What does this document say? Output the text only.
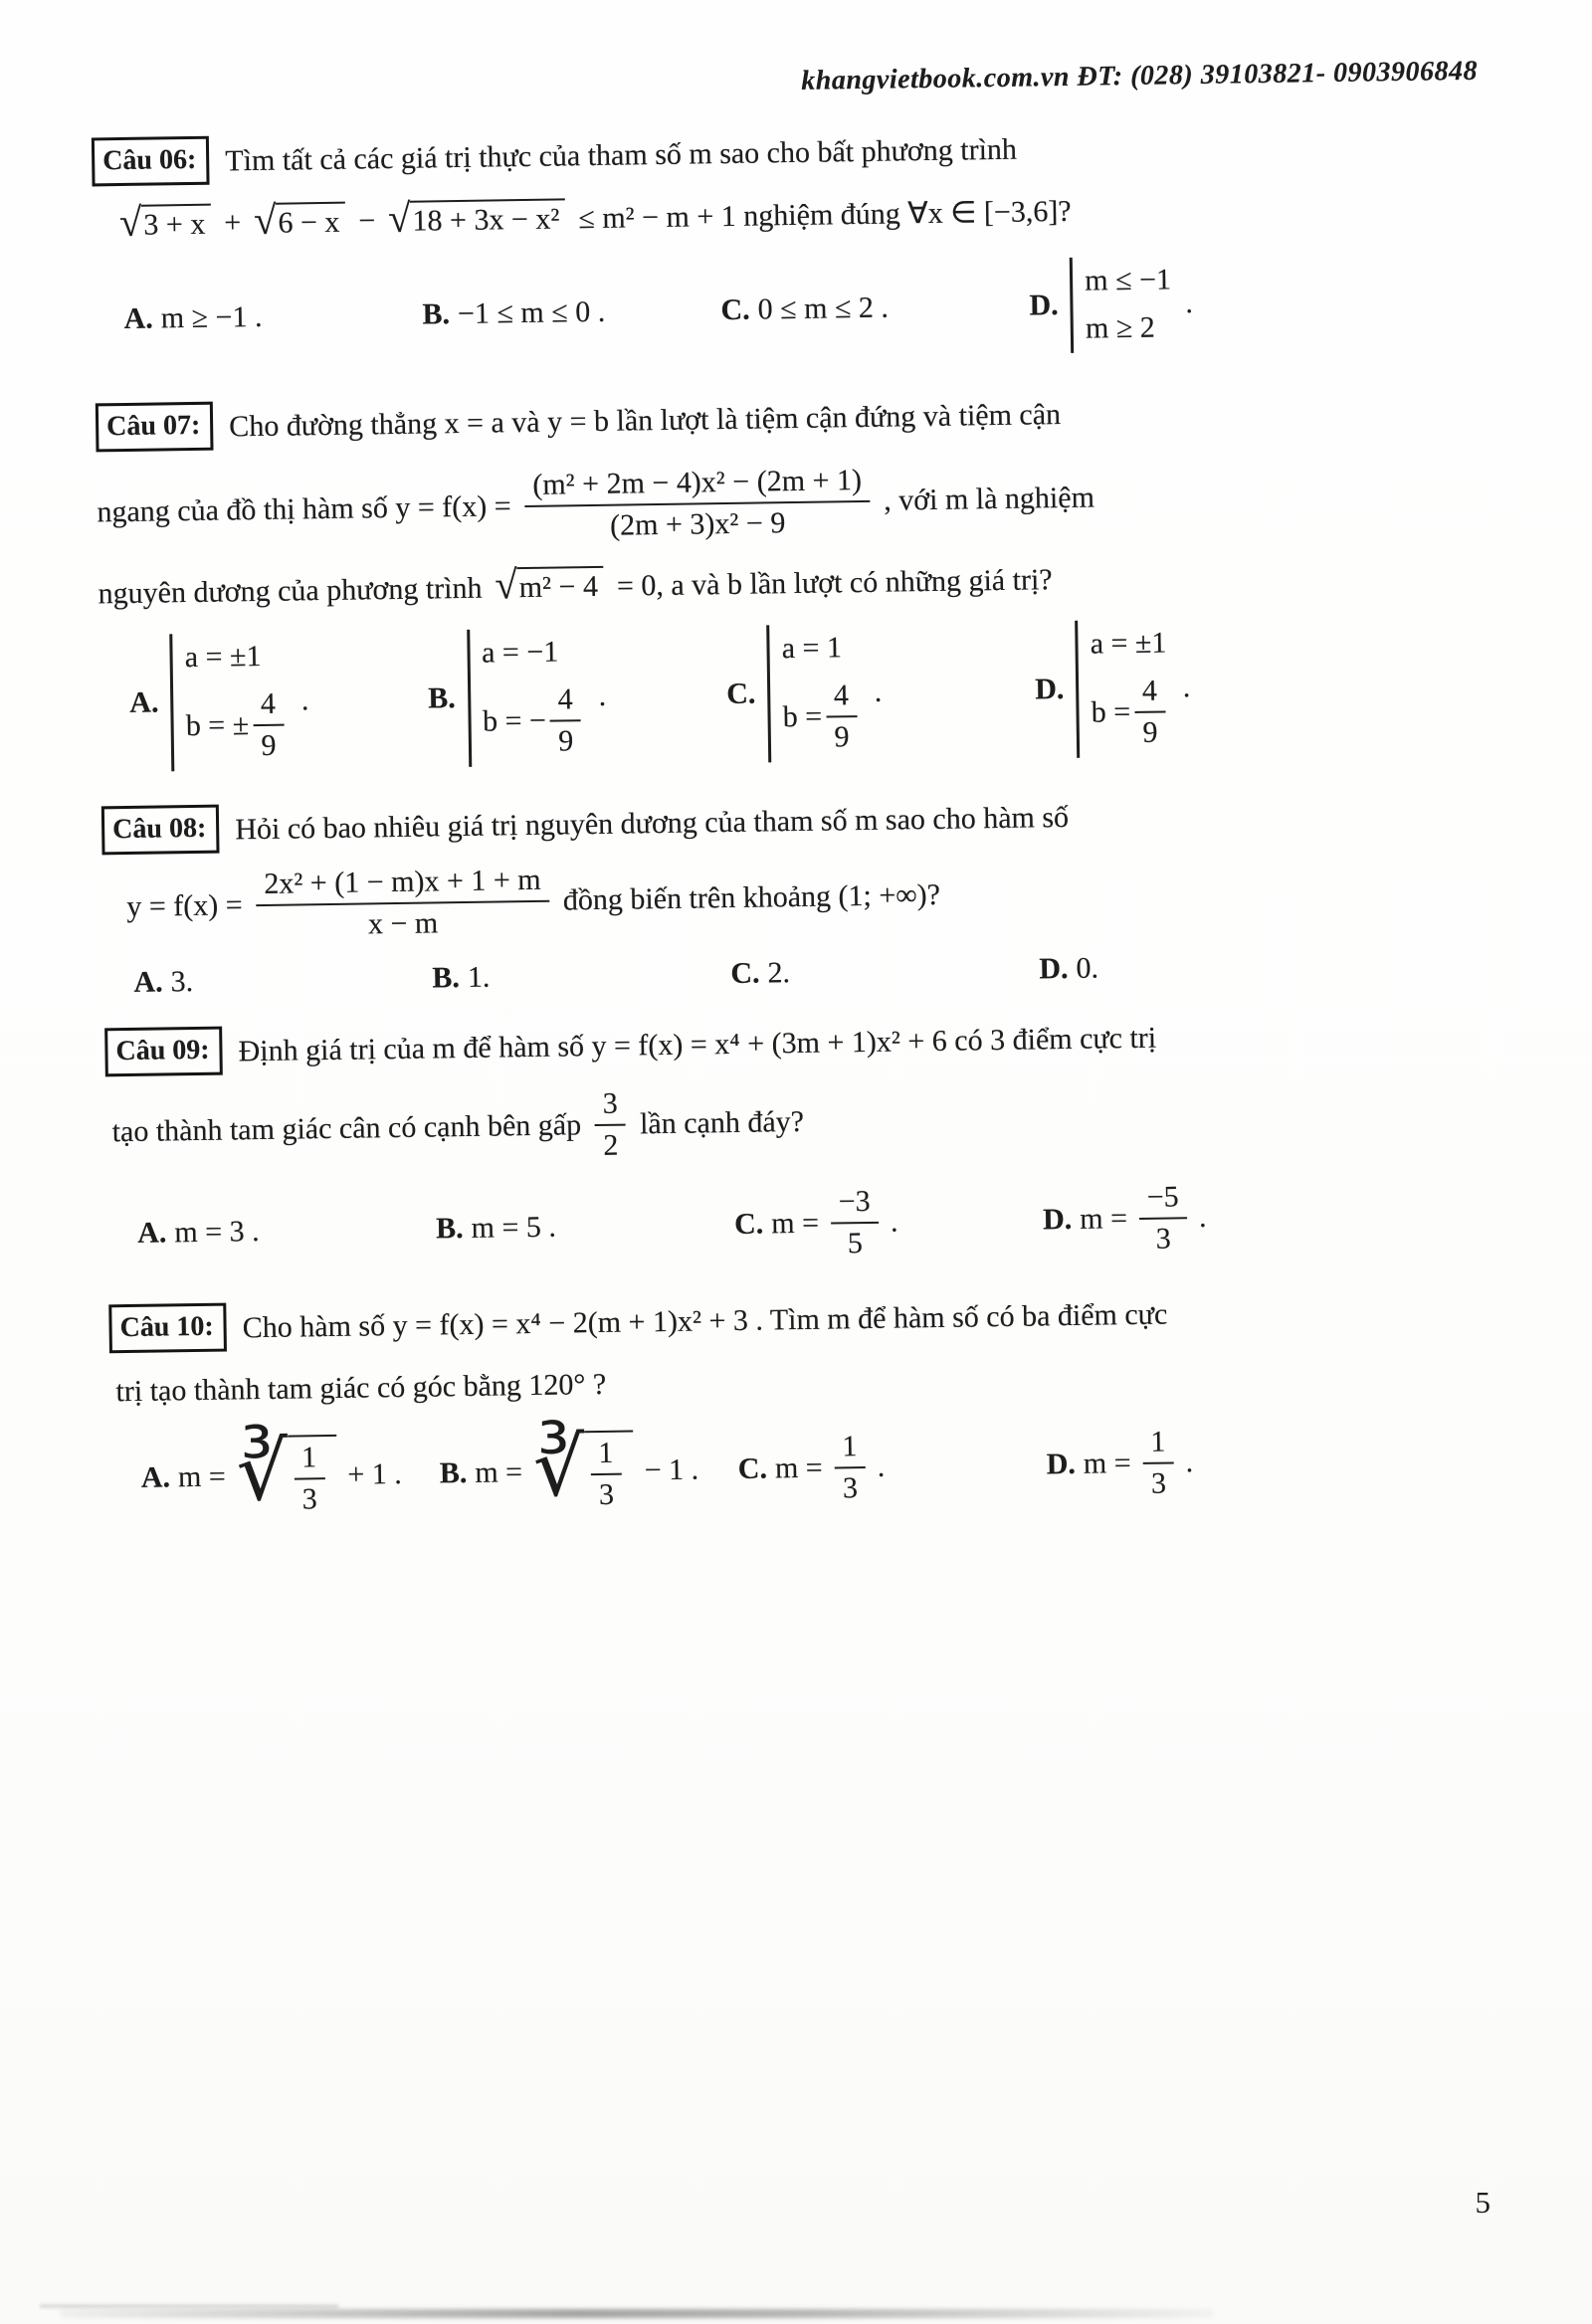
khangvietbook.com.vn ĐT: (028) 39103821- 0903906848
Câu 06: Tìm tất cả các giá trị thực của tham số m sao cho bất phương trình
√ 3 + x + √ 6 − x − √ 18 + 3x − x² ≤ m² − m + 1 nghiệm đúng ∀x ∈ [−3,6]?
A. m ≥ −1 .	B. −1 ≤ m ≤ 0 .	C. 0 ≤ m ≤ 2 .	D.
m ≤ −1
m ≥ 2
.
Câu 07: Cho đường thẳng x = a và y = b lần lượt là tiệm cận đứng và tiệm cận
ngang của đồ thị hàm số $y = f(x) = \frac{\text{(m² + 2m − 4)x² − (2m + 1)}}{\text{(2m + 3)x² − 9}}$ , với m là nghiệm
nguyên dương của phương trình √ m² − 4 = 0, a và b lần lượt có những giá trị?
A.
a = ±1
b = ± $\frac{4}{9}$ .	B.
a = −1
b = − $\frac{4}{9}$ .	C.
a = 1
$b = \frac{4}{9}$ .	D.
a = ±1
$b = \frac{4}{9}$ .
Câu 08: Hỏi có bao nhiêu giá trị nguyên dương của tham số m sao cho hàm số
$y = f(x) = \frac{\text{2x² + (1 − m)x + 1 + m}}{x - m}$ đồng biến trên khoảng (1; +∞)?
A. 3.	B. 1.	C. 2.	D. 0.
Câu 09: Định giá trị của m để hàm số y = f(x) = x⁴ + (3m + 1)x² + 6 có 3 điểm cực trị
tạo thành tam giác cân có cạnh bên gấp $\frac{3}{2}$ lần cạnh đáy?
A. m = 3 .	B. m = 5 .	C. $m = \frac{-3}{5}$ .	D. $m = \frac{-5}{3}$ .
Câu 10: Cho hàm số y = f(x) = x⁴ − 2(m + 1)x² + 3 . Tìm m để hàm số có ba điểm cực
trị tạo thành tam giác có góc bằng 120° ?
A. m = ∛ $\frac{1}{3} + 1$ . B. m = ∛ $\frac{1}{3} - 1$ . C. $m = \frac{1}{3}$ .	D. $m = \frac{1}{3}$ .
5
